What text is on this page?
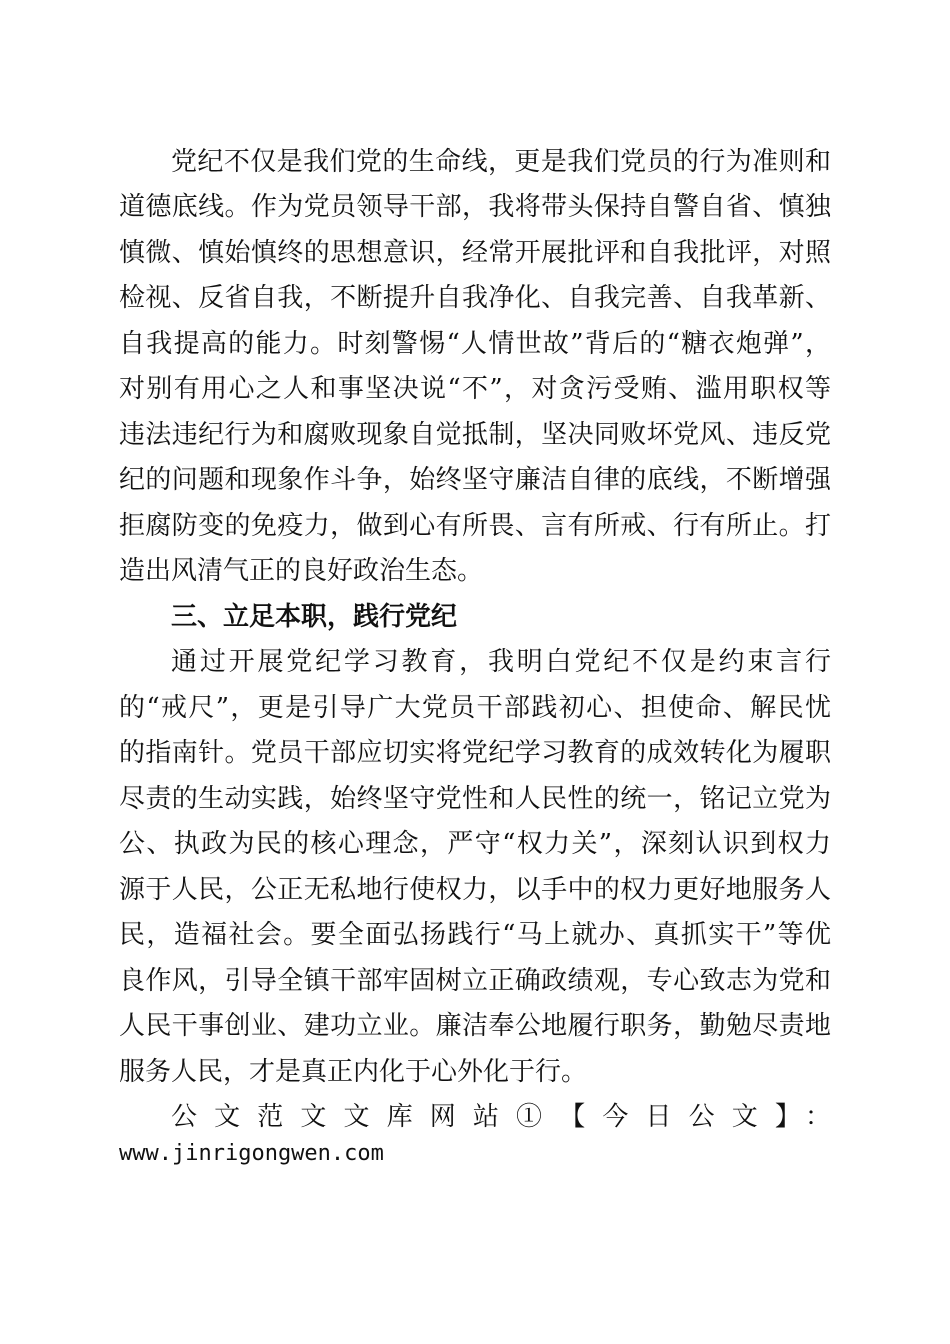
党纪不仅是我们党的生命线，更是我们党员的行为准则和
道德底线。作为党员领导干部，我将带头保持自警自省、慎独
慎微、慎始慎终的思想意识，经常开展批评和自我批评，对照
检视、反省自我，不断提升自我净化、自我完善、自我革新、
自我提高的能力。时刻警惕“人情世故”背后的“糖衣炮弹”，
对别有用心之人和事坚决说“不”，对贪污受贿、滥用职权等
违法违纪行为和腐败现象自觉抵制，坚决同败坏党风、违反党
纪的问题和现象作斗争，始终坚守廉洁自律的底线，不断增强
拒腐防变的免疫力，做到心有所畏、言有所戒、行有所止。打
造出风清气正的良好政治生态。
三、立足本职，践行党纪
通过开展党纪学习教育，我明白党纪不仅是约束言行
的“戒尺”，更是引导广大党员干部践初心、担使命、解民忧
的指南针。党员干部应切实将党纪学习教育的成效转化为履职
尽责的生动实践，始终坚守党性和人民性的统一，铭记立党为
公、执政为民的核心理念，严守“权力关”，深刻认识到权力
源于人民，公正无私地行使权力，以手中的权力更好地服务人
民，造福社会。要全面弘扬践行“马上就办、真抓实干”等优
良作风，引导全镇干部牢固树立正确政绩观，专心致志为党和
人民干事创业、建功立业。廉洁奉公地履行职务，勤勉尽责地
服务人民，才是真正内化于心外化于行。
公文范文文库网站①【今日公文】：
www.jinrigongwen.com
